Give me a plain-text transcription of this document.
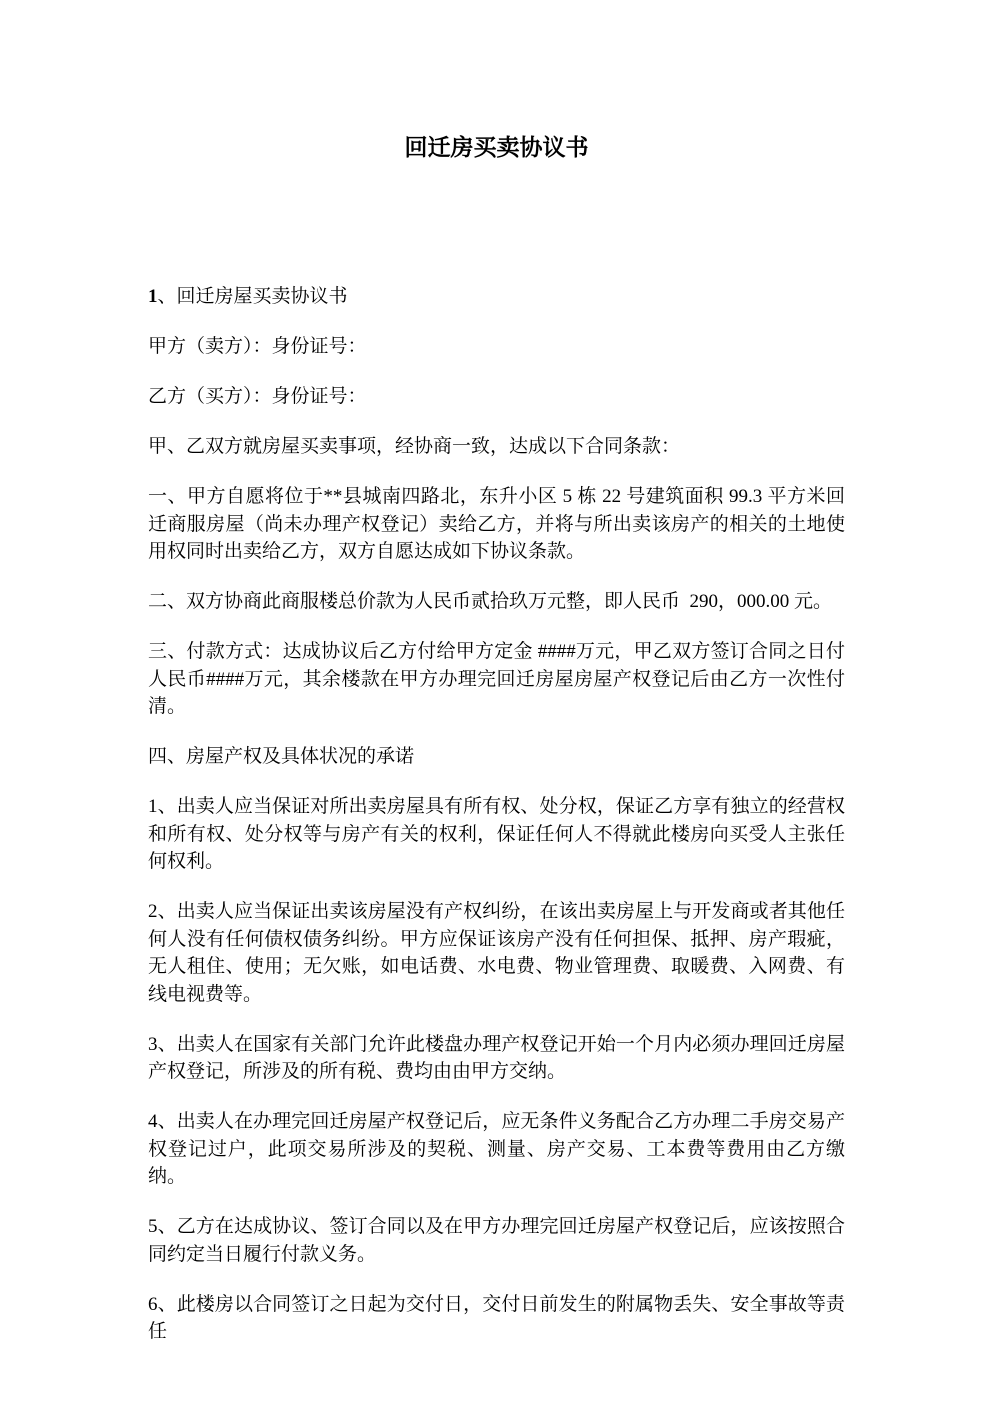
回迁房买卖协议书

1、回迁房屋买卖协议书

甲方（卖方）：身份证号：

乙方（买方）：身份证号：

甲、乙双方就房屋买卖事项，经协商一致，达成以下合同条款：

一、甲方自愿将位于**县城南四路北，东升小区 5 栋 22 号建筑面积 99.3 平方米回迁商服房屋（尚未办理产权登记）卖给乙方，并将与所出卖该房产的相关的土地使用权同时出卖给乙方，双方自愿达成如下协议条款。

二、双方协商此商服楼总价款为人民币贰拾玖万元整，即人民币  290，000.00 元。

三、付款方式：达成协议后乙方付给甲方定金 ####万元，甲乙双方签订合同之日付人民币####万元，其余楼款在甲方办理完回迁房屋房屋产权登记后由乙方一次性付清。

四、房屋产权及具体状况的承诺

1、出卖人应当保证对所出卖房屋具有所有权、处分权，保证乙方享有独立的经营权和所有权、处分权等与房产有关的权利，保证任何人不得就此楼房向买受人主张任何权利。

2、出卖人应当保证出卖该房屋没有产权纠纷，在该出卖房屋上与开发商或者其他任何人没有任何债权债务纠纷。甲方应保证该房产没有任何担保、抵押、房产瑕疵，无人租住、使用；无欠账，如电话费、水电费、物业管理费、取暖费、入网费、有线电视费等。

3、出卖人在国家有关部门允许此楼盘办理产权登记开始一个月内必须办理回迁房屋产权登记，所涉及的所有税、费均由由甲方交纳。

4、出卖人在办理完回迁房屋产权登记后，应无条件义务配合乙方办理二手房交易产权登记过户，此项交易所涉及的契税、测量、房产交易、工本费等费用由乙方缴纳。

5、乙方在达成协议、签订合同以及在甲方办理完回迁房屋产权登记后，应该按照合同约定当日履行付款义务。

6、此楼房以合同签订之日起为交付日，交付日前发生的附属物丢失、安全事故等责任
